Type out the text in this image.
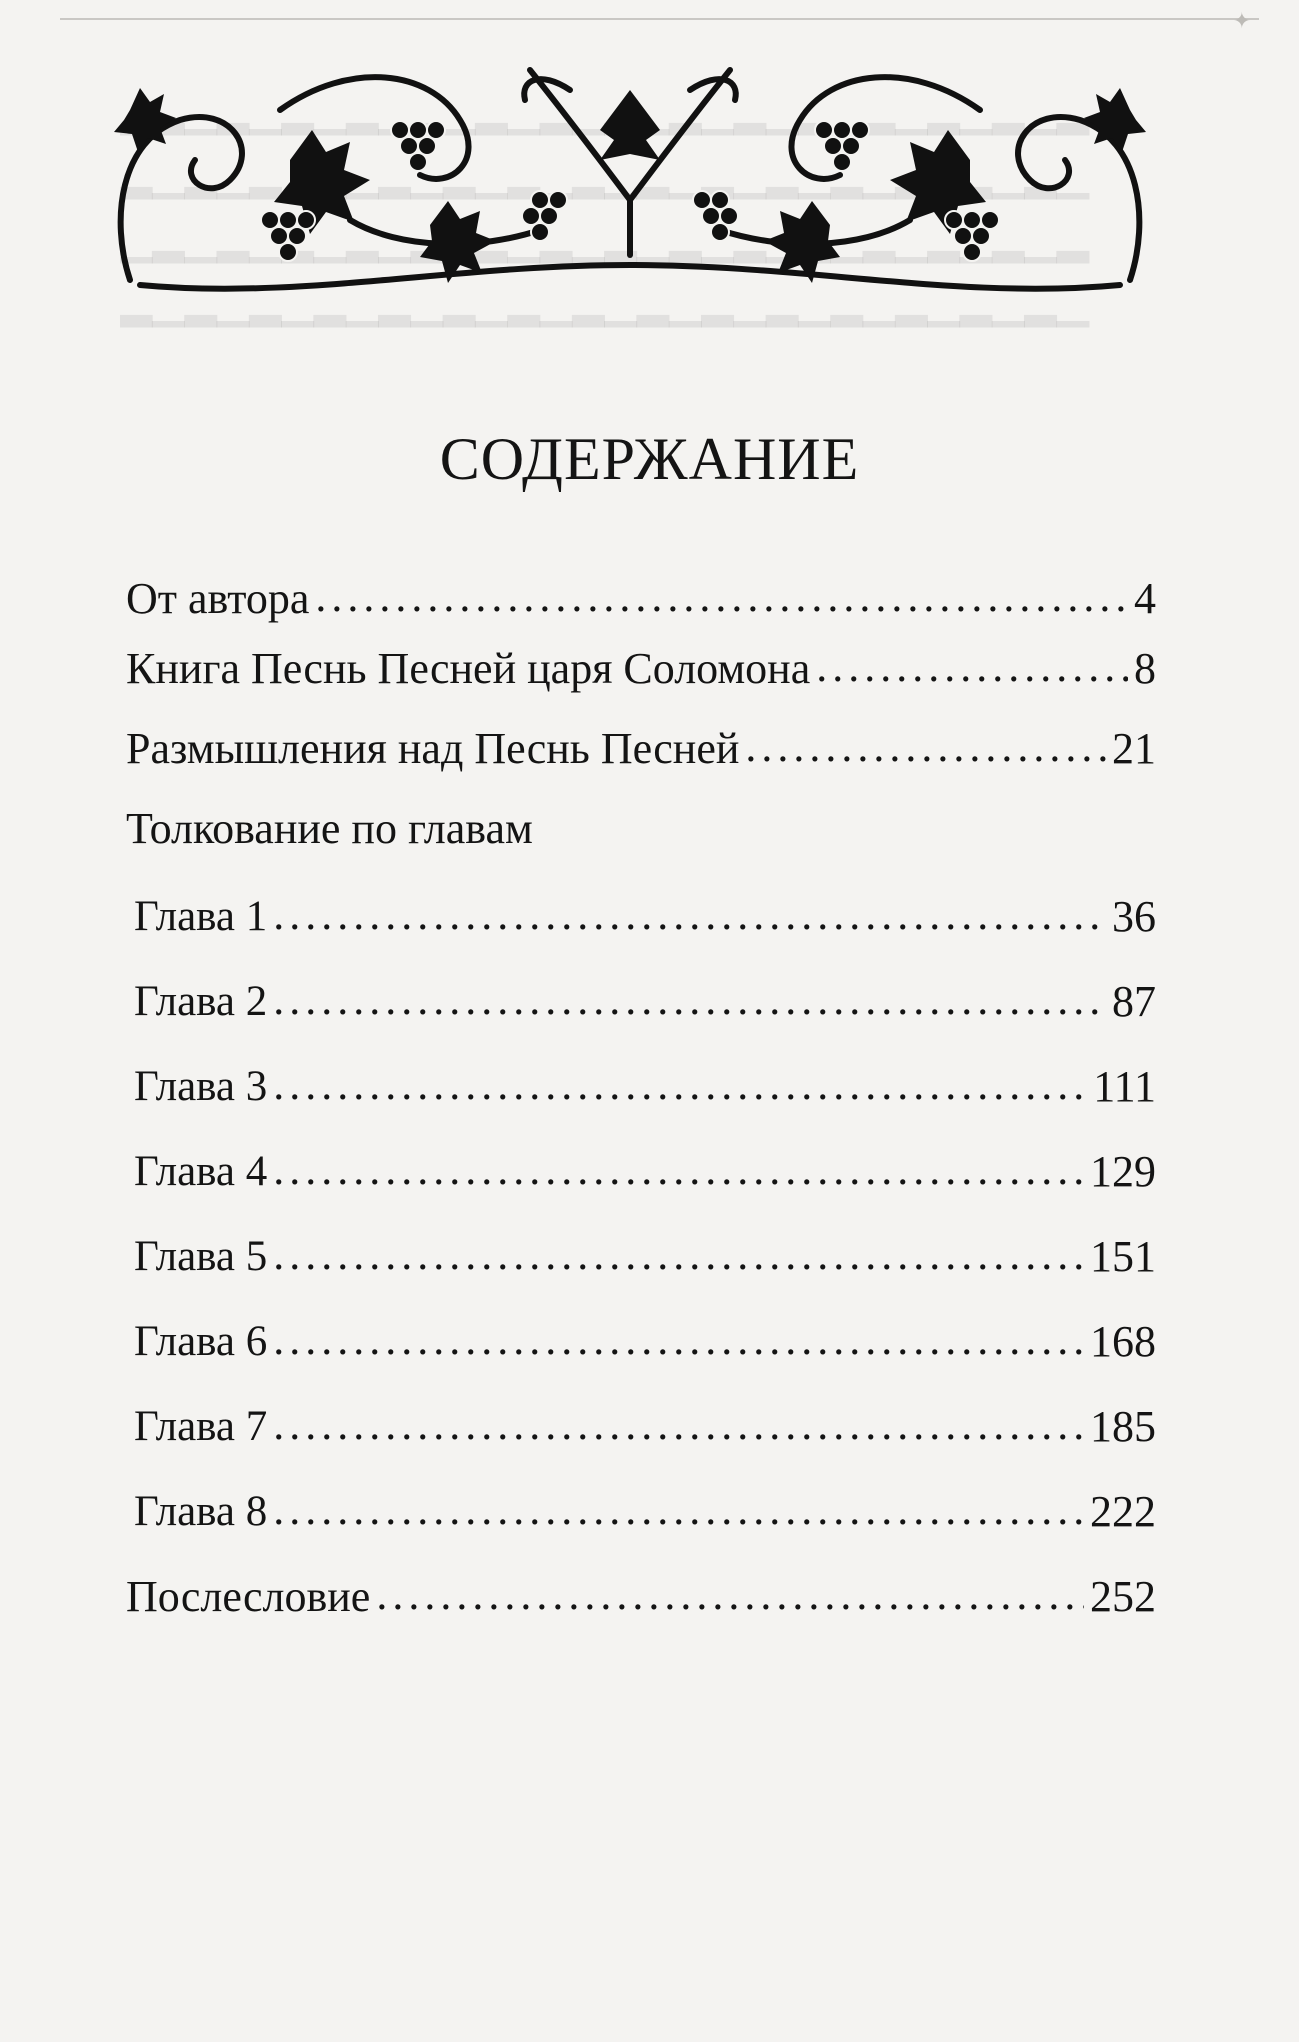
✦
▁▂▁▂▁▂▁▂▁▂▁▂▁▂▁▂▁▂▁▂▁▂▁▂▁▂▁▂▁▂
▂▁▂▁▂▁▂▁▂▁▂▁▂▁▂▁▂▁▂▁▂▁▂▁▂▁▂▁▂▁
▁▂▁▂▁▂▁▂▁▂▁▂▁▂▁▂▁▂▁▂▁▂▁▂▁▂▁▂▁▂
▂▁▂▁▂▁▂▁▂▁▂▁▂▁▂▁▂▁▂▁▂▁▂▁▂▁▂▁▂▁
СОДЕРЖАНИЕ
От автора .....	4
Книга Песнь Песней царя Соломона .....	8
Размышления над Песнь Песней .....	21
Толкование по главам
Глава 1 .....	36
Глава 2 .....	87
Глава 3 .....	111
Глава 4 .....	129
Глава 5 .....	151
Глава 6 .....	168
Глава 7 .....	185
Глава 8 .....	222
Послесловие .....	252
